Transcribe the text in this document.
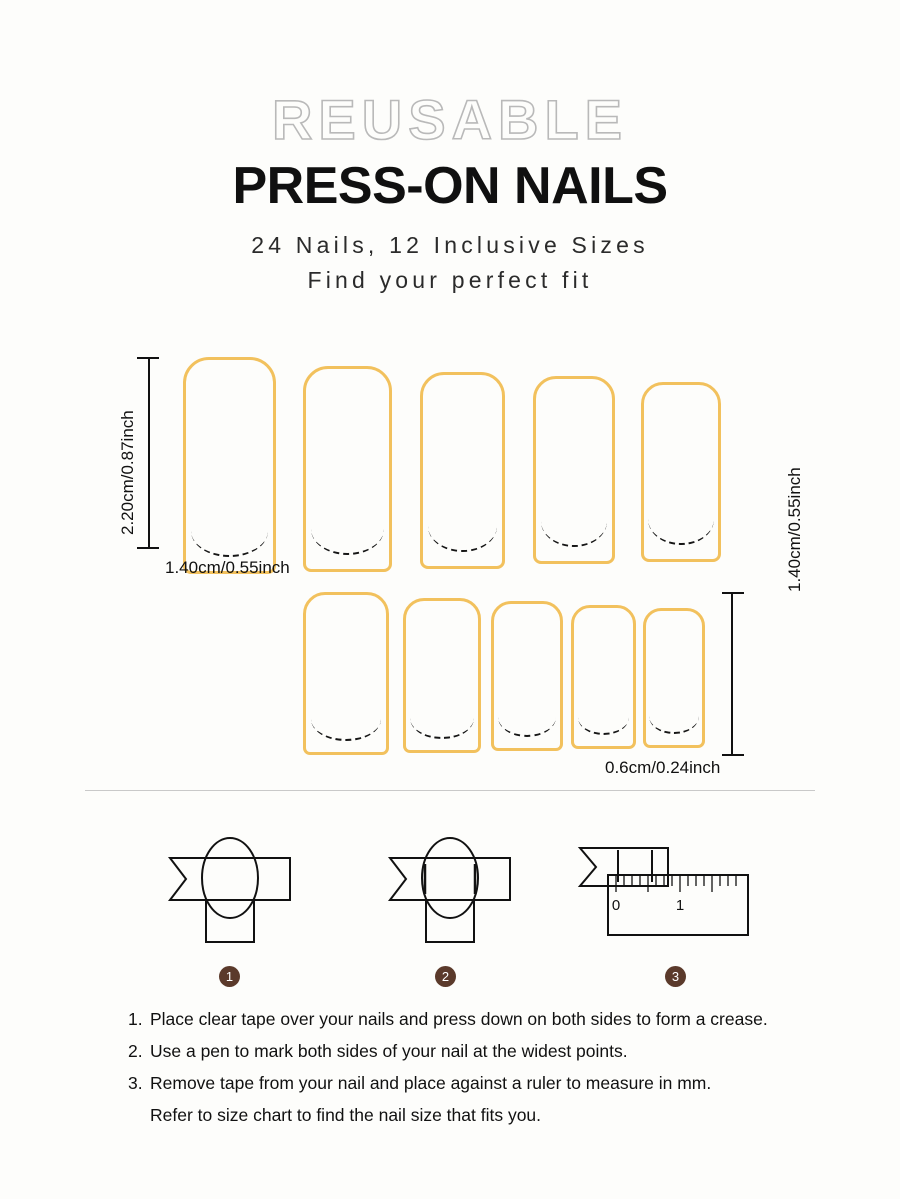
REUSABLE
PRESS-ON NAILS
24 Nails, 12 Inclusive Sizes
Find your perfect fit
2.20cm/0.87inch
1.40cm/0.55inch	1.40cm/0.55inch
0.6cm/0.24inch
0	1
1	2	3
1. Place clear tape over your nails and press down on both sides to form a crease.
2. Use a pen to mark both sides of your nail at the widest points.
3. Remove tape from your nail and place against a ruler to measure in mm.
Refer to size chart to find the nail size that fits you.
